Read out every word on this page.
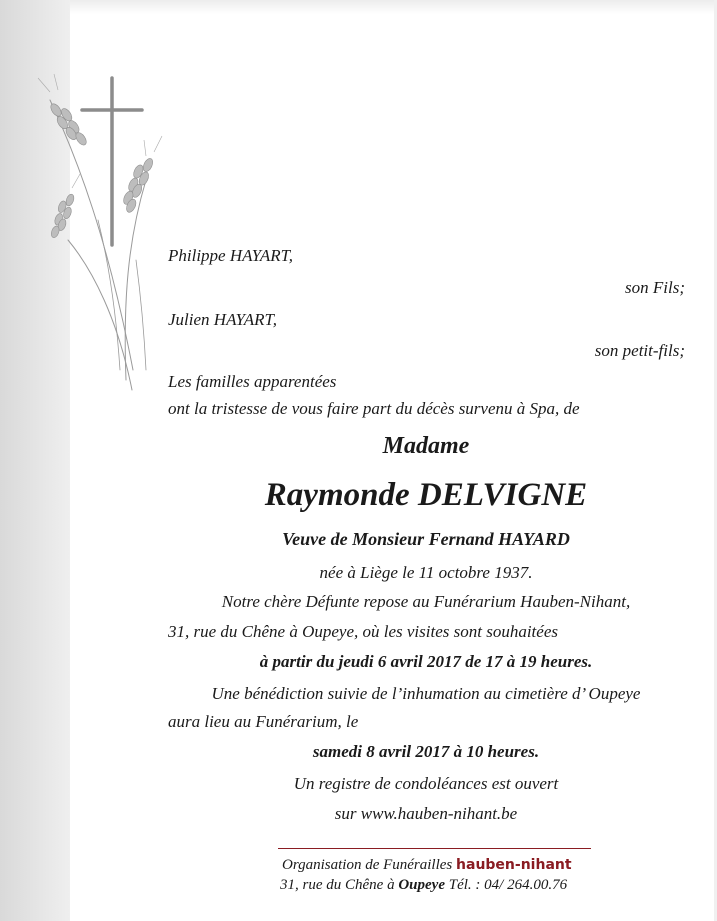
Philippe HAYART,

son Fils;

Julien HAYART,

son petit-fils;

Les familles apparentées

ont la tristesse de vous faire part du décès survenu à Spa, de

Madame

Raymonde DELVIGNE

Veuve de Monsieur Fernand HAYARD

née à Liège le 11 octobre 1937.

Notre chère Défunte repose au Funérarium Hauben-Nihant,

31, rue du Chêne à Oupeye, où les visites sont souhaitées

à partir du jeudi 6 avril 2017 de 17 à 19 heures.

Une bénédiction suivie de l’inhumation au cimetière d’ Oupeye

aura lieu au Funérarium, le

samedi 8 avril 2017 à 10 heures.

Un registre de condoléances est ouvert

sur www.hauben-nihant.be

Organisation de Funérailles hauben-nihant

31, rue du Chêne à Oupeye Tél. : 04/ 264.00.76
